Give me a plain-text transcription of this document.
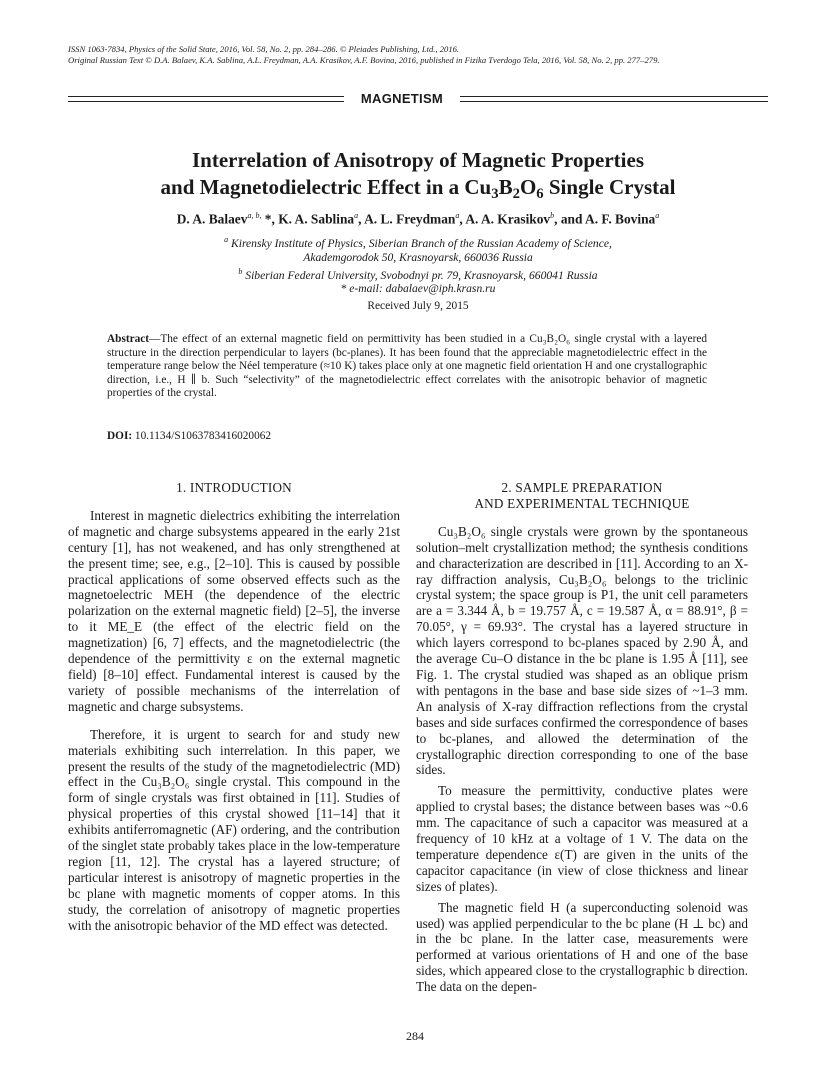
ISSN 1063-7834, Physics of the Solid State, 2016, Vol. 58, No. 2, pp. 284–286. © Pleiades Publishing, Ltd., 2016.
Original Russian Text © D.A. Balaev, K.A. Sablina, A.L. Freydman, A.A. Krasikov, A.F. Bovina, 2016, published in Fizika Tverdogo Tela, 2016, Vol. 58, No. 2, pp. 277–279.
MAGNETISM
Interrelation of Anisotropy of Magnetic Properties
and Magnetodielectric Effect in a Cu3B2O6 Single Crystal
D. A. Balaev$^{a, b,}$ *, K. A. Sablina$^a$, A. L. Freydman$^a$, A. A. Krasikov$^b$, and A. F. Bovina$^a$
$^a$ Kirensky Institute of Physics, Siberian Branch of the Russian Academy of Science,
Akademgorodok 50, Krasnoyarsk, 660036 Russia
$^b$ Siberian Federal University, Svobodnyi pr. 79, Krasnoyarsk, 660041 Russia
* e-mail: dabalaev@iph.krasn.ru
Received July 9, 2015
Abstract—The effect of an external magnetic field on permittivity has been studied in a Cu₃B₂O₆ single crystal with a layered structure in the direction perpendicular to layers (bc-planes). It has been found that the appreciable magnetodielectric effect in the temperature range below the Néel temperature (≈10 K) takes place only at one magnetic field orientation H and one crystallographic direction, i.e., H ∥ b. Such “selectivity” of the magnetodielectric effect correlates with the anisotropic behavior of magnetic properties of the crystal.
DOI: 10.1134/S1063783416020062
1. INTRODUCTION

Interest in magnetic dielectrics exhibiting the interrelation of magnetic and charge subsystems appeared in the early 21st century [1], has not weakened, and has only strengthened at the present time; see, e.g., [2–10]. This is caused by possible practical applications of some observed effects such as the magnetoelectric MEH (the dependence of the electric polarization on the external magnetic field) [2–5], the inverse to it ME_E (the effect of the electric field on the magnetization) [6, 7] effects, and the magnetodielectric (the dependence of the permittivity ε on the external magnetic field) [8–10] effect. Fundamental interest is caused by the variety of possible mechanisms of the interrelation of magnetic and charge subsystems.

Therefore, it is urgent to search for and study new materials exhibiting such interrelation. In this paper, we present the results of the study of the magnetodielectric (MD) effect in the Cu₃B₂O₆ single crystal. This compound in the form of single crystals was first obtained in [11]. Studies of physical properties of this crystal showed [11–14] that it exhibits antiferromagnetic (AF) ordering, and the contribution of the singlet state probably takes place in the low-temperature region [11, 12]. The crystal has a layered structure; of particular interest is anisotropy of magnetic properties in the bc plane with magnetic moments of copper atoms. In this study, the correlation of anisotropy of magnetic properties with the anisotropic behavior of the MD effect was detected.

2. SAMPLE PREPARATION
AND EXPERIMENTAL TECHNIQUE

Cu₃B₂O₆ single crystals were grown by the spontaneous solution–melt crystallization method; the synthesis conditions and characterization are described in [11]. According to an X-ray diffraction analysis, Cu₃B₂O₆ belongs to the triclinic crystal system; the space group is P1, the unit cell parameters are a = 3.344 Å, b = 19.757 Å, c = 19.587 Å, α = 88.91°, β = 70.05°, γ = 69.93°. The crystal has a layered structure in which layers correspond to bc-planes spaced by 2.90 Å, and the average Cu–O distance in the bc plane is 1.95 Å [11], see Fig. 1. The crystal studied was shaped as an oblique prism with pentagons in the base and base side sizes of ~1–3 mm. An analysis of X-ray diffraction reflections from the crystal bases and side surfaces confirmed the correspondence of bases to bc-planes, and allowed the determination of the crystallographic direction corresponding to one of the base sides.

To measure the permittivity, conductive plates were applied to crystal bases; the distance between bases was ~0.6 mm. The capacitance of such a capacitor was measured at a frequency of 10 kHz at a voltage of 1 V. The data on the temperature dependence ε(T) are given in the units of the capacitor capacitance (in view of close thickness and linear sizes of plates).

The magnetic field H (a superconducting solenoid was used) was applied perpendicular to the bc plane (H ⊥ bc) and in the bc plane. In the latter case, measurements were performed at various orientations of H and one of the base sides, which appeared close to the crystallographic b direction. The data on the depen-

284
